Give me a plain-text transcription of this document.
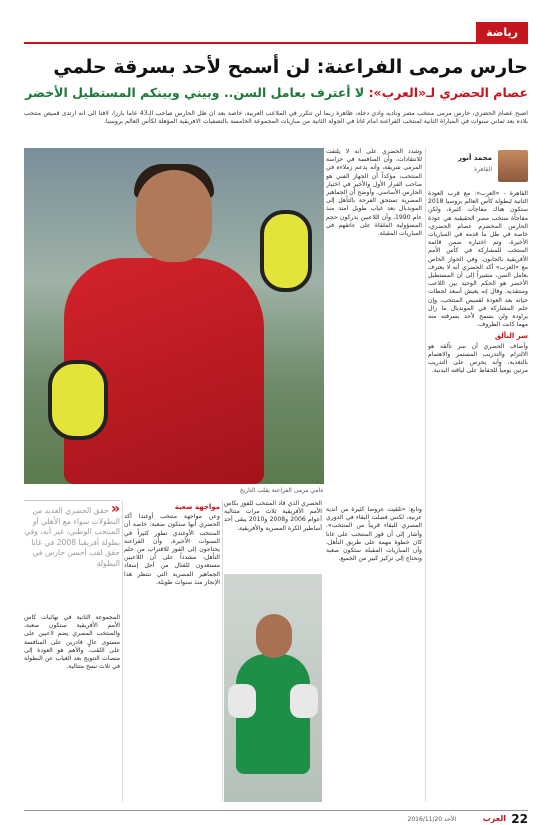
رياضة
حارس مرمى الفراعنة: لن أسمح لأحد بسرقة حلمي
عصام الحضري لـ«العرب»: لا أعترف بعامل السن.. وبيني وبينكم المستطيل الأخضر
اصبح عصام الحضري، حارس مرمى منتخب مصر وناديه وادي دجلة، ظاهرة ربما لن تتكرر في الملاعب العربية، خاصة بعد أن ظل الحارس صاحب الـ43 عاماً بارزاً، لافتاً الى أنه ارتدى قميص منتخب بلاده بعد ثماني سنوات في المباراة الثانية لمنتخب الفراعنة امام غانا في الجولة الثانية من مباريات المجموعة الخامسة بالتصفيات الافريقية المؤهلة لكأس العالم بروسيا.
عامي مرمى الفراعنة يقلب التاريخ
محمد أنور
القاهرة
القاهرة - «العرب»: مع قرب العودة الثانية لبطولة كأس العالم بروسيا 2018 ستكون هناك مفاجآت كثيرة، ولكن مفاجأة منتخب مصر الحقيقية هي عودة الحارس المخضرم عصام الحضري، خاصة في ظل ما قدمه في المباريات الأخيرة، وتم اختياره ضمن قائمة المنتخب للمشاركة في كأس الأمم الأفريقية بالجابون. وفي الحوار الخاص مع «العرب» أكد الحضري أنه لا يعترف بعامل السن، مشيراً إلى أن المستطيل الأخضر هو الحكم الوحيد بين اللاعب ومنتقديه. وقال إنه يعيش أسعد لحظات حياته بعد العودة لقميص المنتخب، وإن حلم المشاركة في المونديال ما زال يراوده ولن يسمح لأحد بسرقته منه مهما كانت الظروف.
سر التألق
وأضاف الحضري أن سر تألقه هو الالتزام والتدريب المستمر والاهتمام بالتغذية، وأنه يحرص على التدريب مرتين يومياً للحفاظ على لياقته البدنية.
وشدد الحضري على أنه لا يلتفت للانتقادات، وأن المنافسة في حراسة المرمى شريفة، وأنه يدعم زملاءه في المنتخب، مؤكداً أن الجهاز الفني هو صاحب القرار الأول والأخير في اختيار الحارس الأساسي. وأوضح أن الجماهير المصرية تستحق الفرحة بالتأهل إلى المونديال بعد غياب طويل امتد منذ عام 1990، وأن اللاعبين يدركون حجم المسؤولية الملقاة على عاتقهم في المباريات المقبلة.
وتابع: «تلقيت عروضاً كثيرة من أندية عربية، لكنني فضلت البقاء في الدوري المصري للبقاء قريباً من المنتخب». وأشار إلى أن فوز المنتخب على غانا كان خطوة مهمة على طريق التأهل، وأن المباريات المقبلة ستكون صعبة وتحتاج إلى تركيز كبير من الجميع.
الحضري الذي قاد المنتخب للفوز بكأس الأمم الأفريقية ثلاث مرات متتالية أعوام 2006 و2008 و2010 يبقى أحد أساطير الكرة المصرية والأفريقية.
مواجهة صعبة
وعن مواجهة منتخب أوغندا أكد الحضري أنها ستكون صعبة، خاصة أن المنتخب الأوغندي تطور كثيراً في السنوات الأخيرة، وأن الفراعنة يحتاجون إلى الفوز للاقتراب من حلم التأهل، مشدداً على أن اللاعبين مستعدون للقتال من أجل إسعاد الجماهير المصرية التي تنتظر هذا الإنجاز منذ سنوات طويلة.
« حقق الحضري العديد من البطولات سواء مع الأهلي أو المنتخب الوطني، غير أنه، وفي بطولة أفريقيا 2008 في غانا حقق لقب أحسن حارس في البطولة
المجموعة الثانية في نهائيات كأس الأمم الأفريقية ستكون صعبة، والمنتخب المصري يضم لاعبين على مستوى عالٍ قادرين على المنافسة على اللقب، والأهم هو العودة إلى منصات التتويج بعد الغياب عن البطولة في ثلاث نسخ متتالية.
22
العرب
الأحد 2016/11/20
